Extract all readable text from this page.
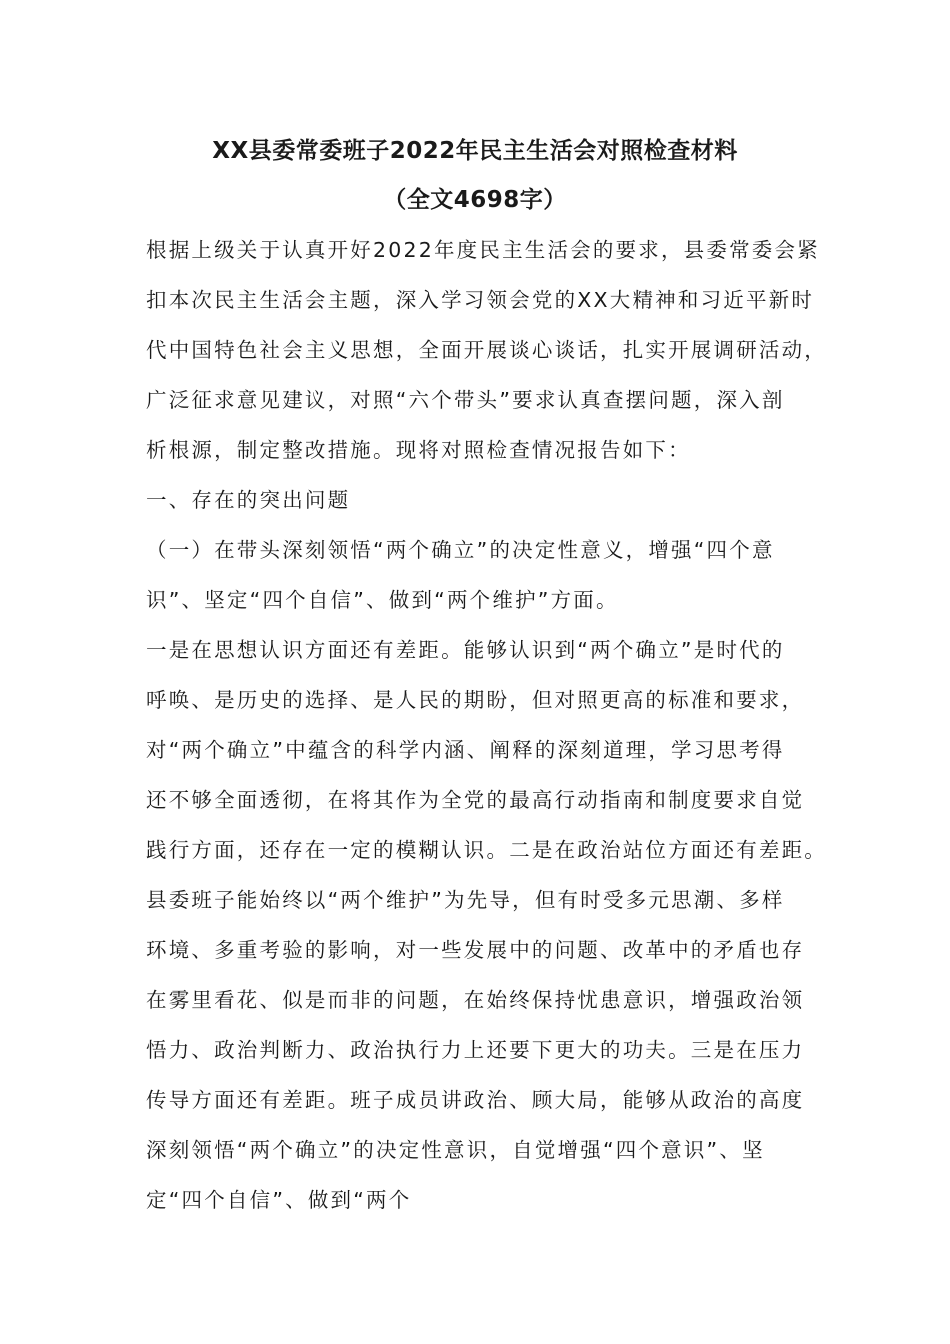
XX县委常委班子2022年民主生活会对照检查材料
（全文4698字）
根据上级关于认真开好2022年度民主生活会的要求，县委常委会紧
扣本次民主生活会主题，深入学习领会党的XX大精神和习近平新时
代中国特色社会主义思想，全面开展谈心谈话，扎实开展调研活动，
广泛征求意见建议，对照“六个带头”要求认真查摆问题，深入剖
析根源，制定整改措施。现将对照检查情况报告如下：
一、存在的突出问题
（一）在带头深刻领悟“两个确立”的决定性意义，增强“四个意
识”、坚定“四个自信”、做到“两个维护”方面。
一是在思想认识方面还有差距。能够认识到“两个确立”是时代的
呼唤、是历史的选择、是人民的期盼，但对照更高的标准和要求，
对“两个确立”中蕴含的科学内涵、阐释的深刻道理，学习思考得
还不够全面透彻，在将其作为全党的最高行动指南和制度要求自觉
践行方面，还存在一定的模糊认识。二是在政治站位方面还有差距。
县委班子能始终以“两个维护”为先导，但有时受多元思潮、多样
环境、多重考验的影响，对一些发展中的问题、改革中的矛盾也存
在雾里看花、似是而非的问题，在始终保持忧患意识，增强政治领
悟力、政治判断力、政治执行力上还要下更大的功夫。三是在压力
传导方面还有差距。班子成员讲政治、顾大局，能够从政治的高度
深刻领悟“两个确立”的决定性意识，自觉增强“四个意识”、坚
定“四个自信”、做到“两个
